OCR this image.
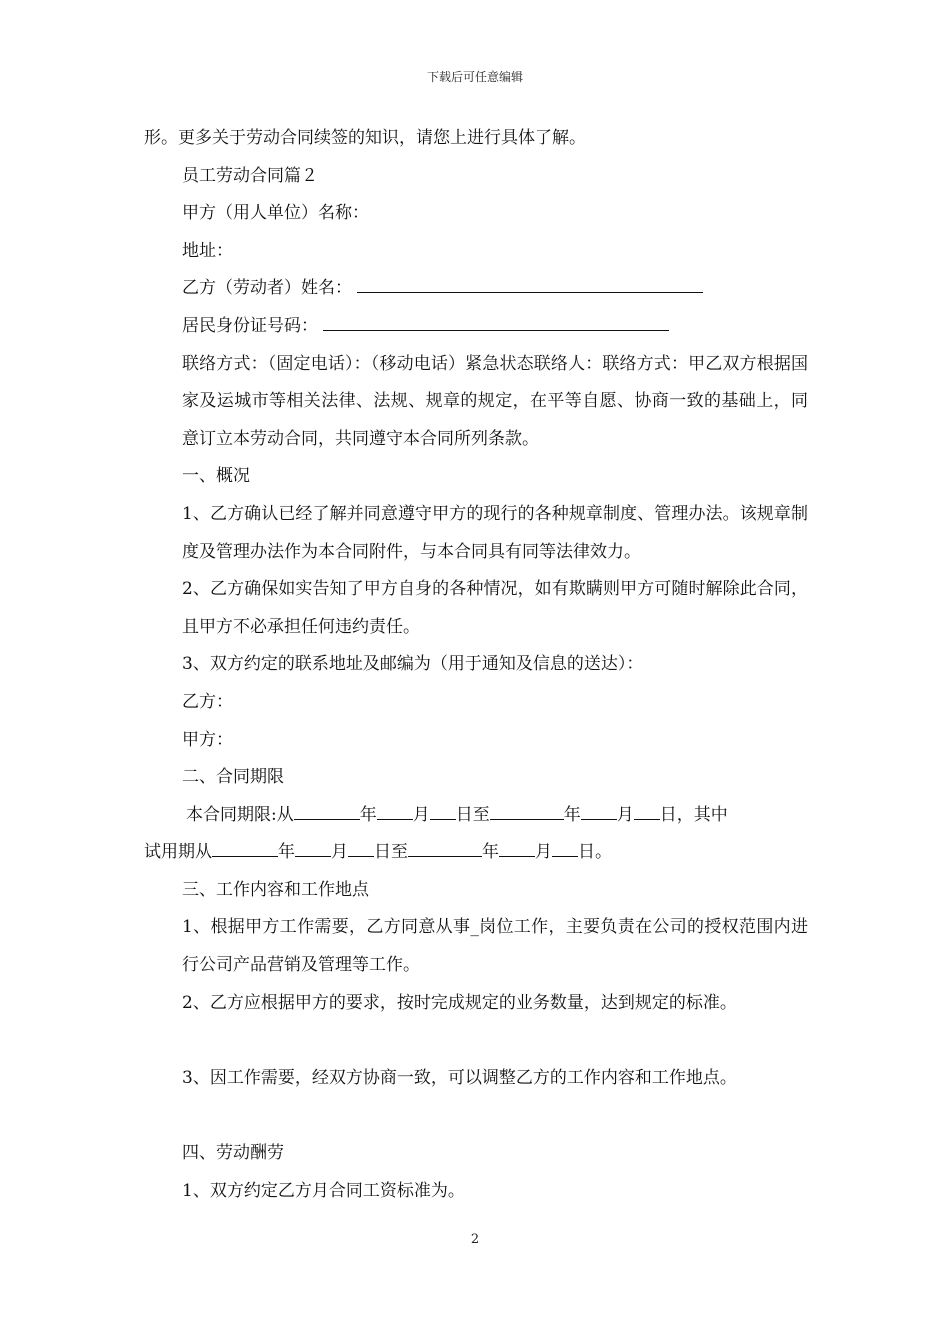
下载后可任意编辑

形。更多关于劳动合同续签的知识，请您上进行具体了解。

员工劳动合同篇２

甲方（用人单位）名称：

地址：

乙方（劳动者）姓名：

居民身份证号码：

联络方式：（固定电话）：（移动电话）紧急状态联络人：联络方式：甲乙双方根据国家及运城市等相关法律、法规、规章的规定，在平等自愿、协商一致的基础上，同意订立本劳动合同，共同遵守本合同所列条款。

一、概况

1、乙方确认已经了解并同意遵守甲方的现行的各种规章制度、管理办法。该规章制度及管理办法作为本合同附件，与本合同具有同等法律效力。

2、乙方确保如实告知了甲方自身的各种情况，如有欺瞒则甲方可随时解除此合同，且甲方不必承担任何违约责任。

3、双方约定的联系地址及邮编为（用于通知及信息的送达）：

乙方：

甲方：

二、合同期限

本合同期限:从	年 月 日至	年 月 日，其中

试用期从	年 月 日至	年 月 日。

三、工作内容和工作地点

1、根据甲方工作需要，乙方同意从事_岗位工作，主要负责在公司的授权范围内进行公司产品营销及管理等工作。

2、乙方应根据甲方的要求，按时完成规定的业务数量，达到规定的标准。

3、因工作需要，经双方协商一致，可以调整乙方的工作内容和工作地点。

四、劳动酬劳

1、双方约定乙方月合同工资标准为。

2
